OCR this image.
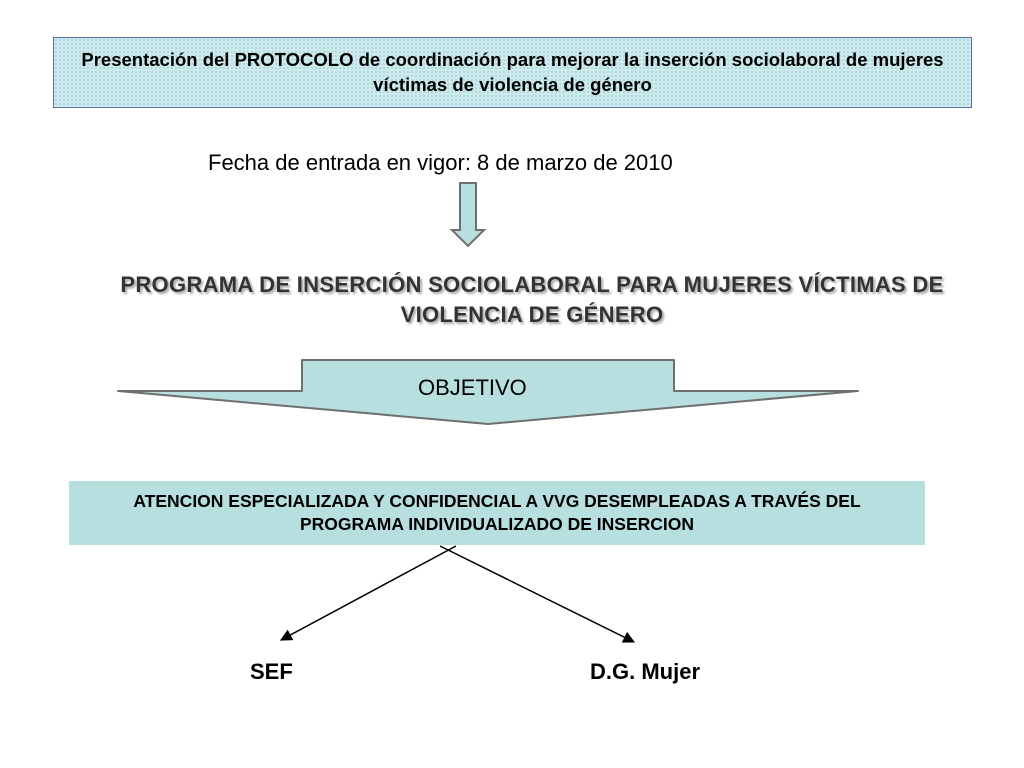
Presentación del PROTOCOLO de coordinación para mejorar la inserción sociolaboral de mujeres víctimas de violencia de género
Fecha de entrada en vigor: 8 de marzo de 2010
PROGRAMA DE INSERCIÓN SOCIOLABORAL PARA MUJERES VÍCTIMAS DE VIOLENCIA DE GÉNERO
OBJETIVO
ATENCION ESPECIALIZADA Y CONFIDENCIAL A VVG DESEMPLEADAS A TRAVÉS DEL PROGRAMA INDIVIDUALIZADO DE INSERCION
SEF	D.G. Mujer
